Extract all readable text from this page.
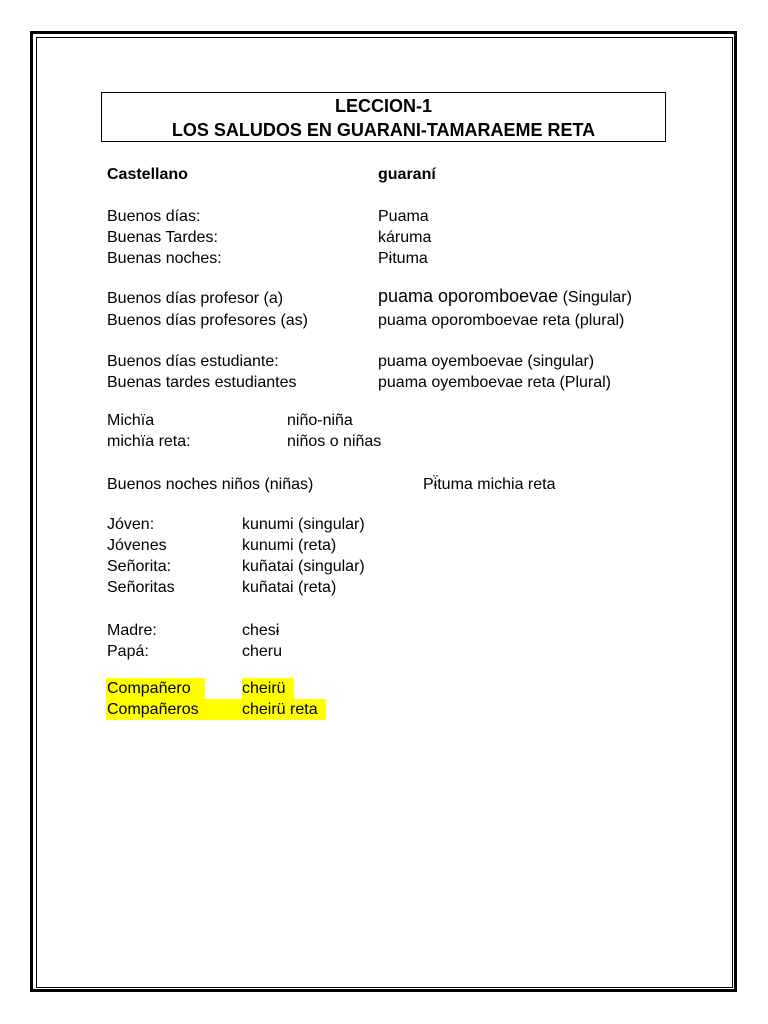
LECCION-1
LOS SALUDOS EN GUARANI-TAMARAEME RETA
Castellano	guaraní
Buenos días:	Puama
Buenas Tardes:	káruma
Buenas noches:	Pɨtuma
Buenos días profesor (a)	puama oporomboevae (Singular)
Buenos días profesores (as)	puama oporomboevae reta (plural)
Buenos días estudiante:	puama oyemboevae (singular)
Buenas tardes estudiantes	puama oyemboevae reta (Plural)
Michïa	niño-niña
michïa reta:	niños o niñas
Buenos noches niños (niñas)	Pɨ̈tuma michia reta
Jóven:	kunumi (singular)
Jóvenes	kunumi (reta)
Señorita:	kuñatai (singular)
Señoritas	kuñatai (reta)
Madre:	chesɨ
Papá:	cheru
Compañero	cheirü
Compañeros	cheirü reta
